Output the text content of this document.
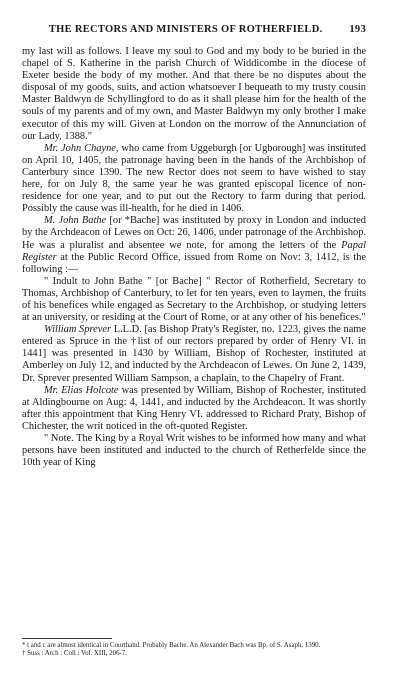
THE RECTORS AND MINISTERS OF ROTHERFIELD.	193

my last will as follows. I leave my soul to God and my body to be buried in the chapel of S. Katherine in the parish Church of Widdicombe in the diocese of Exeter beside the body of my mother. And that there be no disputes about the disposal of my goods, suits, and action whatsoever I bequeath to my trusty cousin Master Baldwyn de Schyllingford to do as it shall please him for the health of the souls of my parents and of my own, and Master Baldwyn my only brother I make executor of this my will. Given at London on the morrow of the Annunciation of our Lady, 1388."

Mr. John Chayne, who came from Uggeburgh [or Ugborough] was instituted on April 10, 1405, the patronage having been in the hands of the Archbishop of Canterbury since 1390. The new Rector does not seem to have wished to stay here, for on July 8, the same year he was granted episcopal licence of non-residence for one year, and to put out the Rectory to farm during that period. Possibly the cause was ill-health, for he died in 1406.

M. John Bathe [or *Bache] was instituted by proxy in London and inducted by the Archdeacon of Lewes on Oct: 26, 1406, under patronage of the Archbishop. He was a pluralist and absentee we note, for among the letters of the Papal Register at the Public Record Office, issued from Rome on Nov: 3, 1412, is the following :—

" Indult to John Bathe " [or Bache] " Rector of Rotherfield, Secretary to Thomas, Archbishop of Canterbury, to let for ten years, even to laymen, the fruits of his benefices while engaged as Secretary to the Archbishop, or studying letters at an university, or residing at the Court of Rome, or at any other of his benefices."

William Sprever L.L.D. [as Bishop Praty's Register, no. 1223, gives the name entered as Spruce in the †list of our rectors prepared by order of Henry VI. in 1441] was presented in 1430 by William, Bishop of Rochester, instituted at Amberley on July 12, and inducted by the Archdeacon of Lewes. On June 2, 1439, Dr. Sprever presented William Sampson, a chaplain, to the Chapelry of Frant.

Mr. Elias Holcote was presented by William, Bishop of Rochester, instituted at Aldingbourne on Aug: 4, 1441, and inducted by the Archdeacon. It was shortly after this appointment that King Henry VI. addressed to Richard Praty, Bishop of Chichester, the writ noticed in the oft-quoted Register.

" Note. The King by a Royal Writ wishes to be informed how many and what persons have been instituted and inducted to the church of Retherfelde since the 10th year of King

* t and c are almost identical in Courthand. Probably Bache. An Alexander Bach was Bp. of S. Asaph, 1390.

† Suss : Arch : Coll : Vol. XIII, 206-7.
